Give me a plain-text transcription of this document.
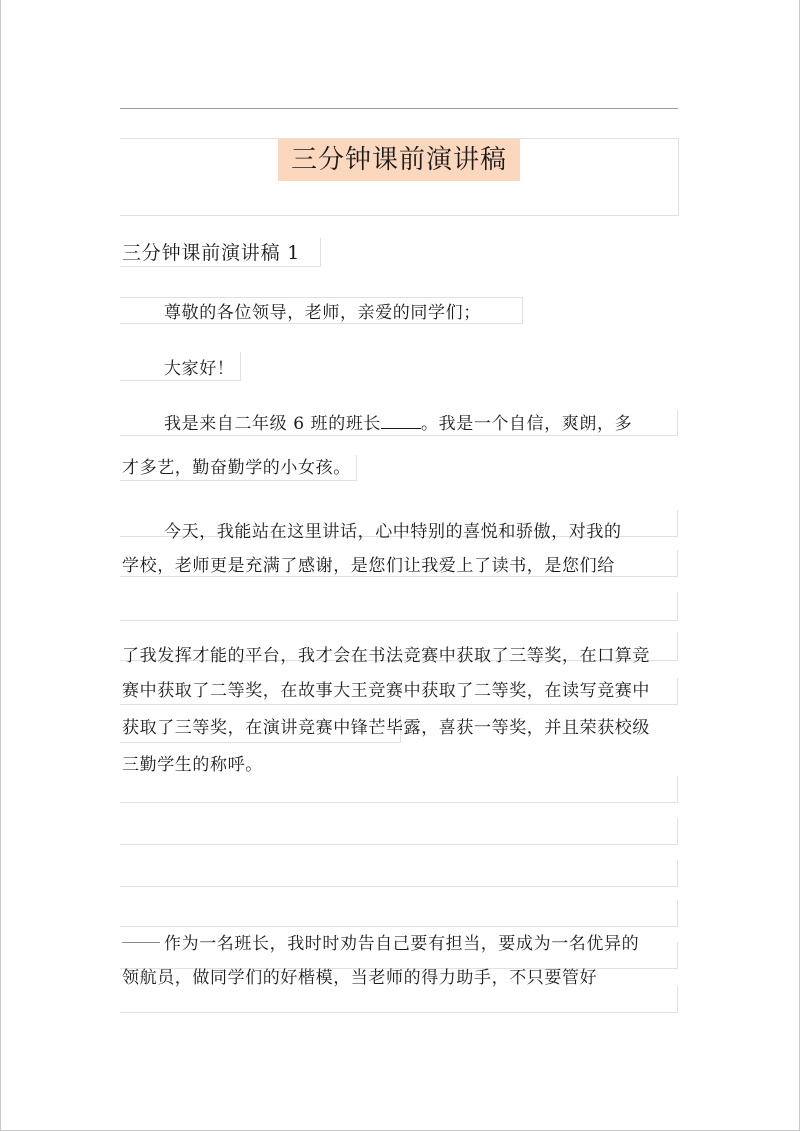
三分钟课前演讲稿
三分钟课前演讲稿 1
尊敬的各位领导，老师，亲爱的同学们；
大家好！
我是来自二年级 6 班的班长 。我是一个自信，爽朗，多
才多艺，勤奋勤学的小女孩。
今天，我能站在这里讲话，心中特别的喜悦和骄傲，对我的
学校，老师更是充满了感谢，是您们让我爱上了读书，是您们给
了我发挥才能的平台，我才会在书法竞赛中获取了三等奖，在口算竞
赛中获取了二等奖，在故事大王竞赛中获取了二等奖，在读写竞赛中
获取了三等奖，在演讲竞赛中锋芒毕露，喜获一等奖，并且荣获校级
三勤学生的称呼。
作为一名班长，我时时劝告自己要有担当，要成为一名优异的
领航员，做同学们的好楷模，当老师的得力助手，不只要管好
